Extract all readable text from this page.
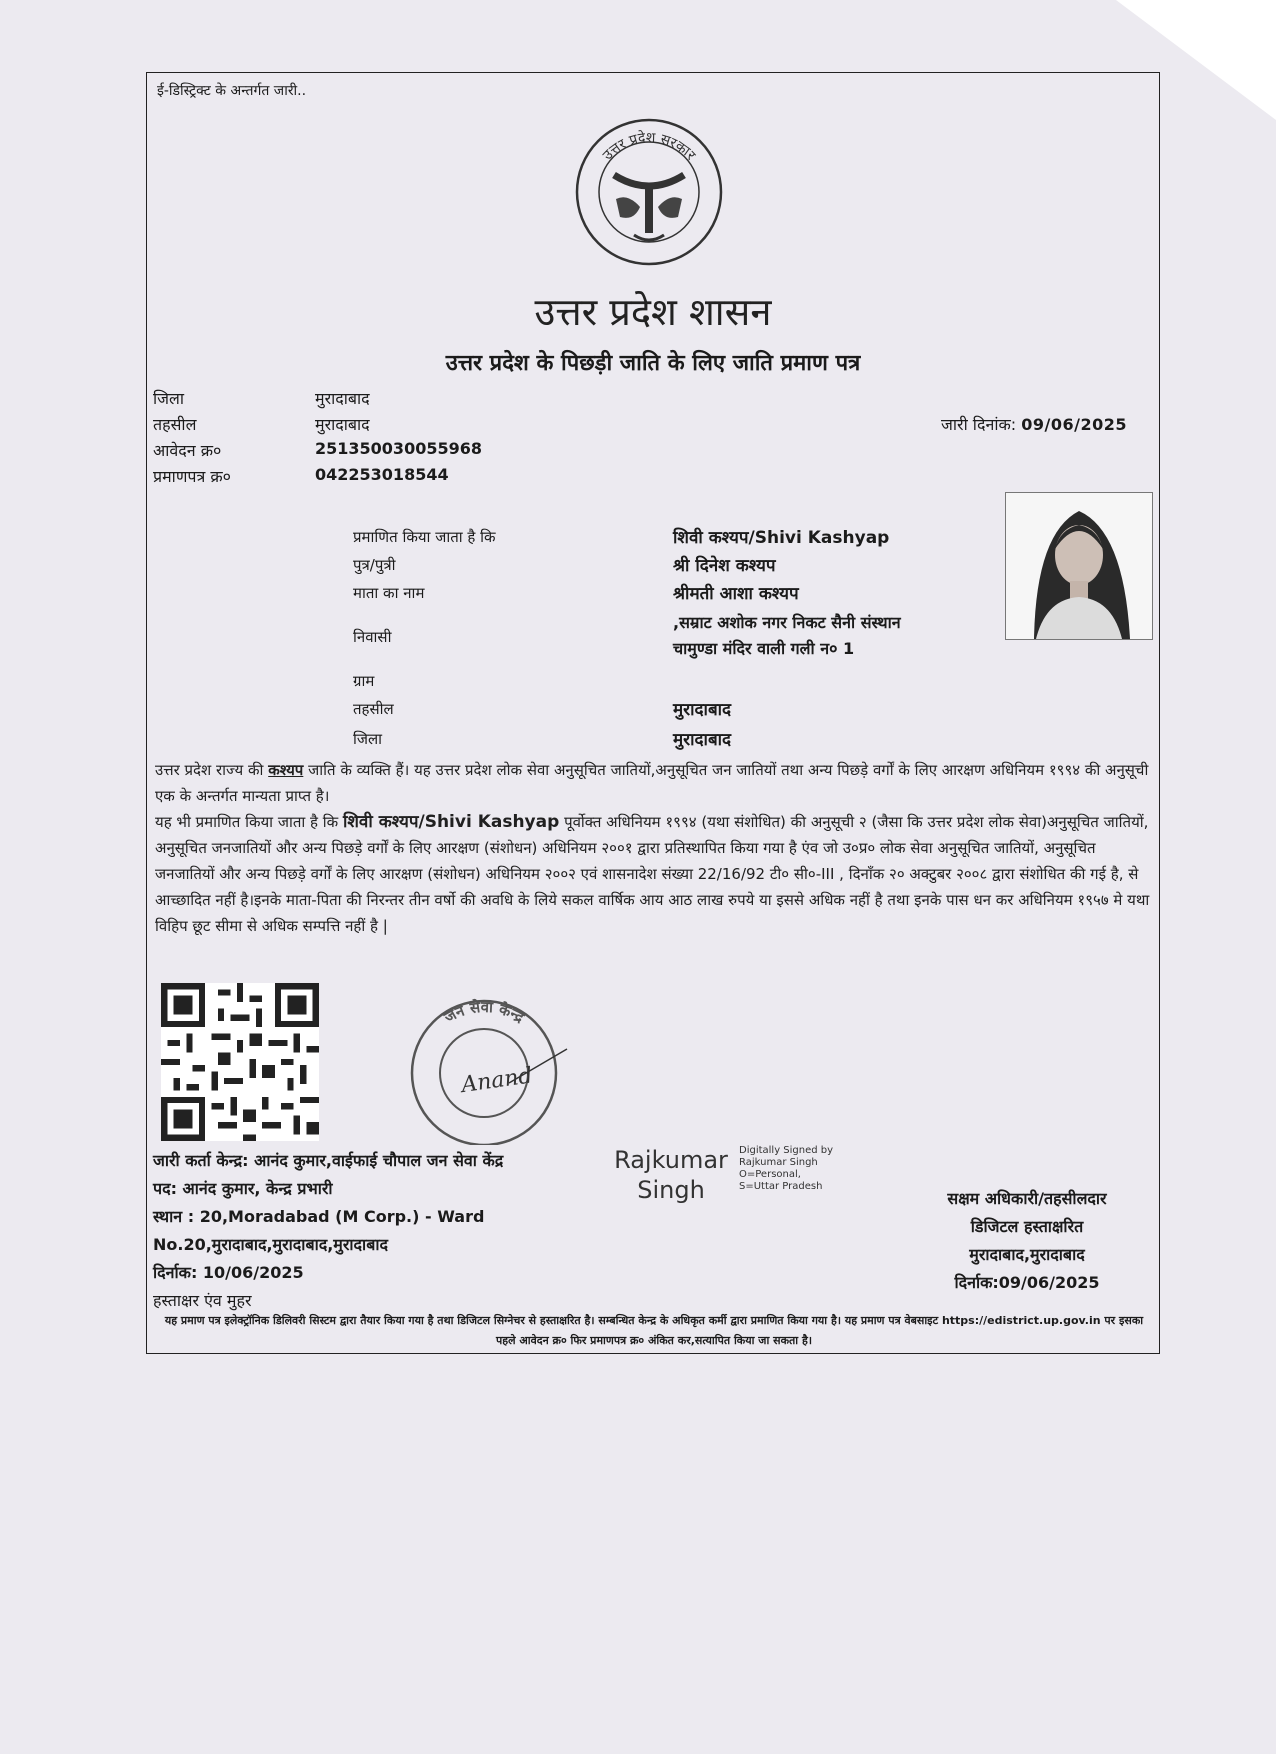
ई-डिस्ट्रिक्ट के अन्तर्गत जारी..
उत्तर प्रदेश सरकार
उत्तर प्रदेश शासन
उत्तर प्रदेश के पिछड़ी जाति के लिए जाति प्रमाण पत्र
जिला	मुरादाबाद
तहसील	मुरादाबाद
आवेदन क्र०	251350030055968
प्रमाणपत्र क्र०	042253018544
जारी दिनांक: 09/06/2025
प्रमाणित किया जाता है कि	शिवी कश्यप/Shivi Kashyap
पुत्र/पुत्री	श्री दिनेश कश्यप
माता का नाम	श्रीमती आशा कश्यप
निवासी
,सम्राट अशोक नगर निकट सैनी संस्थान
चामुण्डा मंदिर वाली गली न० 1
ग्राम
तहसील	मुरादाबाद
जिला	मुरादाबाद

उत्तर प्रदेश राज्य की कश्यप जाति के व्यक्ति हैं। यह उत्तर प्रदेश लोक सेवा अनुसूचित जातियों,अनुसूचित जन जातियों तथा अन्य पिछड़े वर्गों के लिए आरक्षण अधिनियम १९९४ की अनुसूची एक के अन्तर्गत मान्यता प्राप्त है।

यह भी प्रमाणित किया जाता है कि शिवी कश्यप/Shivi Kashyap पूर्वोक्त अधिनियम १९९४ (यथा संशोधित) की अनुसूची २ (जैसा कि उत्तर प्रदेश लोक सेवा)अनुसूचित जातियों, अनुसूचित जनजातियों और अन्य पिछड़े वर्गों के लिए आरक्षण (संशोधन) अधिनियम २००१ द्वारा प्रतिस्थापित किया गया है एंव जो उ०प्र० लोक सेवा अनुसूचित जातियों, अनुसूचित जनजातियों और अन्य पिछड़े वर्गों के लिए आरक्षण (संशोधन) अधिनियम २००२ एवं शासनादेश संख्या 22/16/92 टी० सी०-III , दिनाँक २० अक्टुबर २००८ द्वारा संशोधित की गई है, से आच्छादित नहीं है।इनके माता-पिता की निरन्तर तीन वर्षो की अवधि के लिये सकल वार्षिक आय आठ लाख रुपये या इससे अधिक नहीं है तथा इनके पास धन कर अधिनियम १९५७ मे यथा विहिप छूट सीमा से अधिक सम्पत्ति नहीं है |

जन सेवा केन्द्र
Anand
Rajkumar Singh
Digitally Signed by
Rajkumar Singh
O=Personal,
S=Uttar Pradesh
जारी कर्ता केन्द्र: आनंद कुमार,वाईफाई चौपाल जन सेवा केंद्र
पद: आनंद कुमार, केन्द्र प्रभारी
स्थान : 20,Moradabad (M Corp.) - Ward No.20,मुरादाबाद,मुरादाबाद,मुरादाबाद
दिर्नाक: 10/06/2025
हस्ताक्षर एंव मुहर
सक्षम अधिकारी/तहसीलदार
डिजिटल हस्ताक्षरित
मुरादाबाद,मुरादाबाद
दिर्नाक:09/06/2025
यह प्रमाण पत्र इलेक्ट्रॉनिक डिलिवरी सिस्टम द्वारा तैयार किया गया है तथा डिजिटल सिग्नेचर से हस्ताक्षरित है। सम्बन्धित केन्द्र के अधिकृत कर्मी द्वारा प्रमाणित किया गया है। यह प्रमाण पत्र वेबसाइट https://edistrict.up.gov.in पर इसका पहले आवेदन क्र० फिर प्रमाणपत्र क्र० अंकित कर,सत्यापित किया जा सकता है।
